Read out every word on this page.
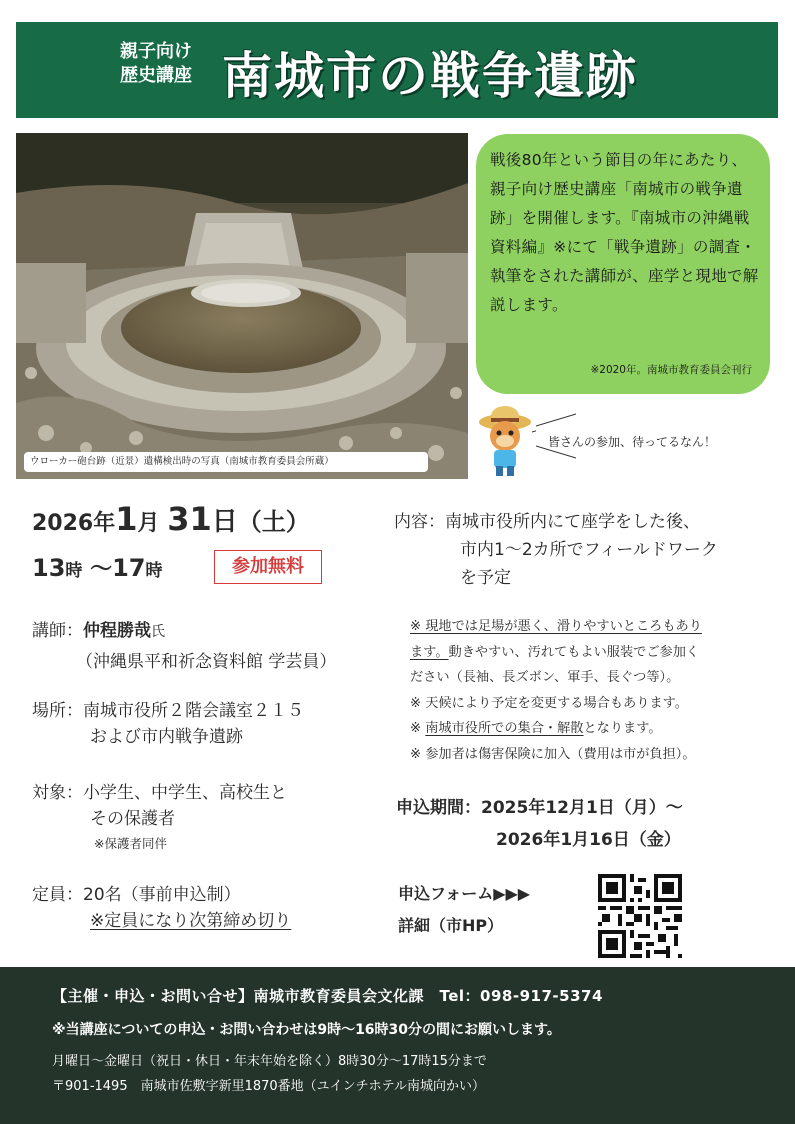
親子向け
歴史講座 南城市の戦争遺跡
ウローカー砲台跡（近景）遺構検出時の写真（南城市教育委員会所蔵）
戦後80年という節目の年にあたり、親子向け歴史講座「南城市の戦争遺跡」を開催します。『南城市の沖縄戦　資料編』※にて「戦争遺跡」の調査・執筆をされた講師が、座学と現地で解説します。
※2020年。南城市教育委員会刊行
皆さんの参加、待ってるなん！
2026年1月 31日（土）
13時 〜17時	参加無料
講師：仲程勝哉氏
（沖縄県平和祈念資料館 学芸員）
場所：南城市役所２階会議室２１５
および市内戦争遺跡
対象：小学生、中学生、高校生と
その保護者
※保護者同伴
定員：20名（事前申込制）
※定員になり次第締め切り
内容：南城市役所内にて座学をした後、
市内1〜2カ所でフィールドワーク
を予定
※ 現地では足場が悪く、滑りやすいところもあり
ます。動きやすい、汚れてもよい服装でご参加く
ださい（長袖、長ズボン、軍手、長ぐつ等）。
※ 天候により予定を変更する場合もあります。
※ 南城市役所での集合・解散となります。
※ 参加者は傷害保険に加入（費用は市が負担）。
申込期間：2025年12月1日（月）〜
2026年1月16日（金）
申込フォーム▶▶▶
詳細（市HP）
【主催・申込・お問い合せ】南城市教育委員会文化課　Tel：098-917-5374
※当講座についての申込・お問い合わせは9時〜16時30分の間にお願いします。
月曜日〜金曜日（祝日・休日・年末年始を除く）8時30分〜17時15分まで
〒901-1495　南城市佐敷字新里1870番地（ユインチホテル南城向かい）
